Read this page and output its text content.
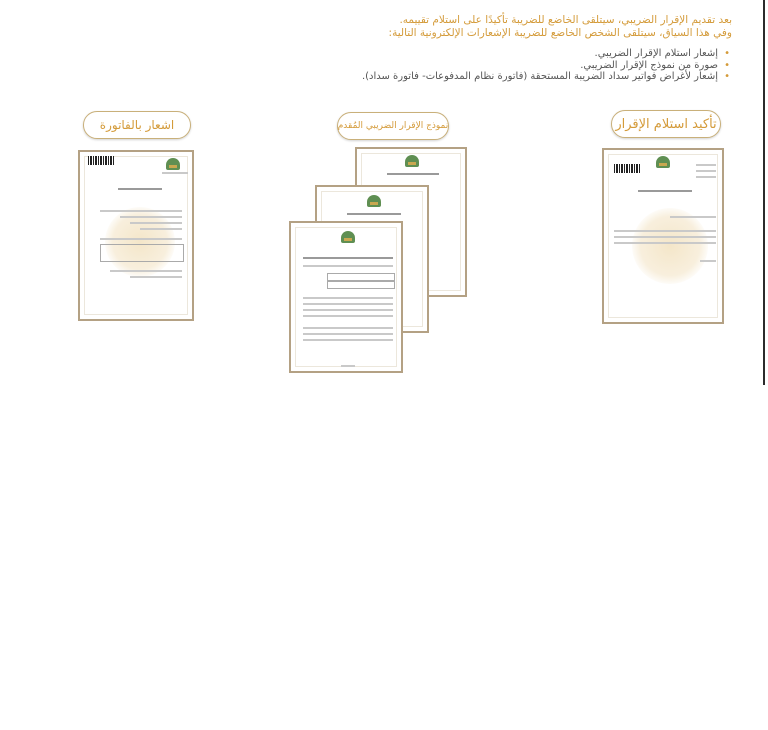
بعد تقديم الإقرار الضريبي، سيتلقى الخاضع للضريبة تأكيدًا على استلام تقييمه.

وفي هذا السياق، سيتلقى الشخص الخاضع للضريبة الإشعارات الإلكترونية التالية:

• إشعار استلام الإقرار الضريبي.
• صورة من نموذج الإقرار الضريبي.
• إشعار لأغراض فواتير سداد الضريبة المستحقة (فاتورة نظام المدفوعات- فاتورة سداد).
اشعار بالفاتورة	نموذج الإقرار الضريبي المُقدم	تأكيد استلام الإقرار
